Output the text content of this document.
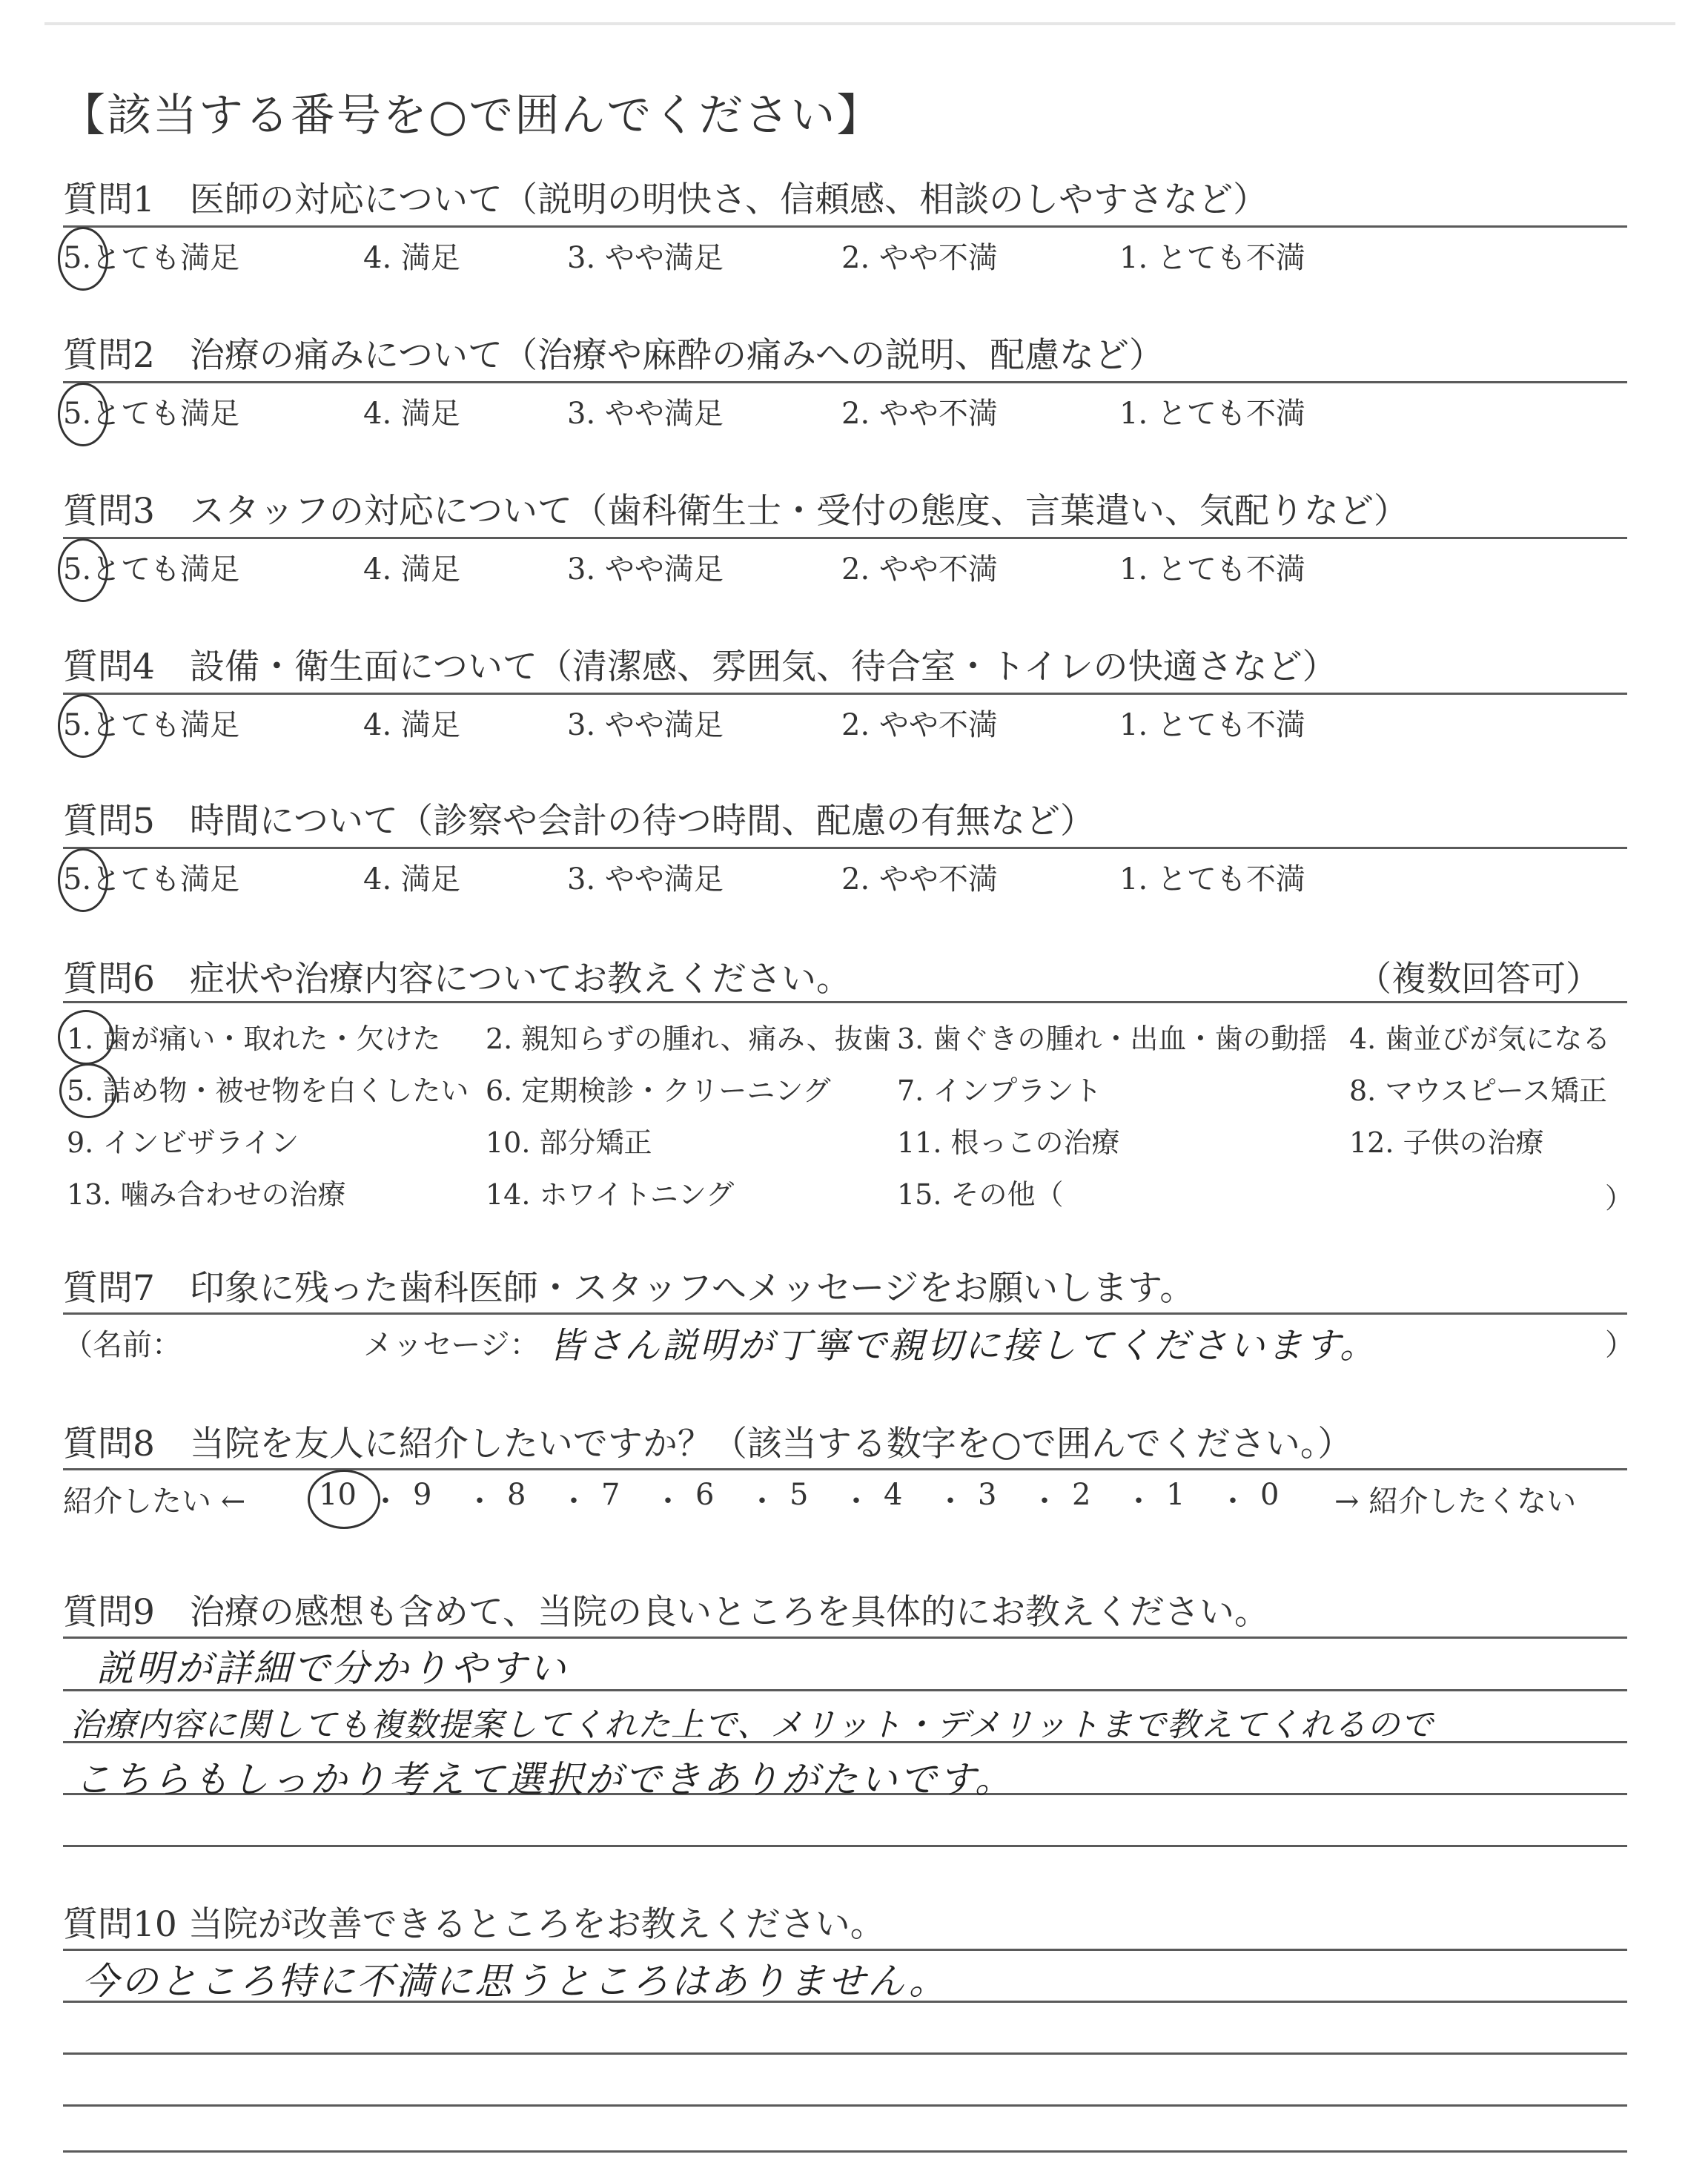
【該当する番号を○で囲んでください】
質問1　医師の対応について（説明の明快さ、信頼感、相談のしやすさなど）
5.とても満足	4. 満足	3. やや満足	2. やや不満	1. とても不満
質問2　治療の痛みについて（治療や麻酔の痛みへの説明、配慮など）
5.とても満足	4. 満足	3. やや満足	2. やや不満	1. とても不満
質問3　スタッフの対応について（歯科衛生士・受付の態度、言葉遣い、気配りなど）
5.とても満足	4. 満足	3. やや満足	2. やや不満	1. とても不満
質問4　設備・衛生面について（清潔感、雰囲気、待合室・トイレの快適さなど）
5.とても満足	4. 満足	3. やや満足	2. やや不満	1. とても不満
質問5　時間について（診察や会計の待つ時間、配慮の有無など）
5.とても満足	4. 満足	3. やや満足	2. やや不満	1. とても不満
質問6　症状や治療内容についてお教えください。	（複数回答可）
1. 歯が痛い・取れた・欠けた 2. 親知らずの腫れ、痛み、抜歯 3. 歯ぐきの腫れ・出血・歯の動揺 4. 歯並びが気になる
5. 詰め物・被せ物を白くしたい 6. 定期検診・クリーニング 7. インプラント	8. マウスピース矯正
9. インビザライン	10. 部分矯正	11. 根っこの治療	12. 子供の治療
13. 噛み合わせの治療	14. ホワイトニング	15. その他（	）
質問7　印象に残った歯科医師・スタッフへメッセージをお願いします。
（名前：	メッセージ： 皆さん説明が丁寧で親切に接してくださいます。	）
質問8　当院を友人に紹介したいですか？（該当する数字を○で囲んでください。）
紹介したい ← 10 ・ 9 ・ 8 ・ 7 ・ 6 ・ 5 ・ 4 ・ 3 ・ 2 ・ 1 ・ 0 → 紹介したくない
質問9　治療の感想も含めて、当院の良いところを具体的にお教えください。
説明が詳細で分かりやすい
治療内容に関しても複数提案してくれた上で、メリット・デメリットまで教えてくれるので
こちらもしっかり考えて選択ができありがたいです。
質問10 当院が改善できるところをお教えください。
今のところ特に不満に思うところはありません。
